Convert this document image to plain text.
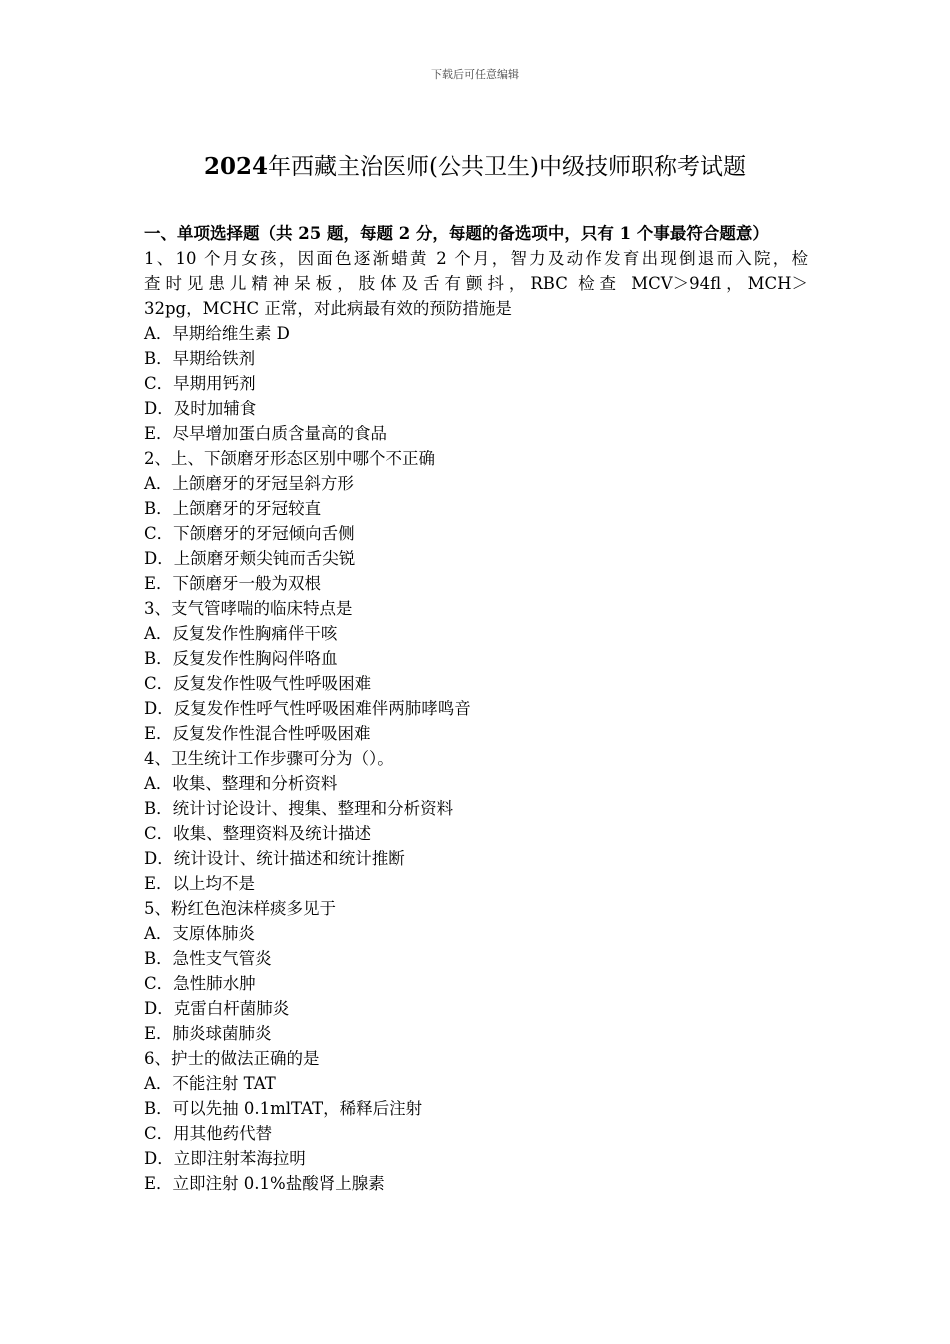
下载后可任意编辑
2024年西藏主治医师(公共卫生)中级技师职称考试题

一、单项选择题（共 25 题，每题 2 分，每题的备选项中，只有 1 个事最符合题意）

1、10 个月女孩，因面色逐渐蜡黄 2 个月，智力及动作发育出现倒退而入院，检
查时见患儿精神呆板，肢体及舌有颤抖，RBC 检查 MCV＞94fl，MCH＞
32pg，MCHC 正常，对此病最有效的预防措施是

A．早期给维生素 D

B．早期给铁剂

C．早期用钙剂

D．及时加辅食

E．尽早增加蛋白质含量高的食品

2、上、下颌磨牙形态区别中哪个不正确

A．上颌磨牙的牙冠呈斜方形

B．上颌磨牙的牙冠较直

C．下颌磨牙的牙冠倾向舌侧

D．上颌磨牙颊尖钝而舌尖锐

E．下颌磨牙一般为双根

3、支气管哮喘的临床特点是

A．反复发作性胸痛伴干咳

B．反复发作性胸闷伴咯血

C．反复发作性吸气性呼吸困难

D．反复发作性呼气性呼吸困难伴两肺哮鸣音

E．反复发作性混合性呼吸困难

4、卫生统计工作步骤可分为（）。

A．收集、整理和分析资料

B．统计讨论设计、搜集、整理和分析资料

C．收集、整理资料及统计描述

D．统计设计、统计描述和统计推断

E．以上均不是

5、粉红色泡沫样痰多见于

A．支原体肺炎

B．急性支气管炎

C．急性肺水肿

D．克雷白杆菌肺炎

E．肺炎球菌肺炎

6、护士的做法正确的是

A．不能注射 TAT

B．可以先抽 0.1mlTAT，稀释后注射

C．用其他药代替

D．立即注射苯海拉明

E．立即注射 0.1%盐酸肾上腺素
